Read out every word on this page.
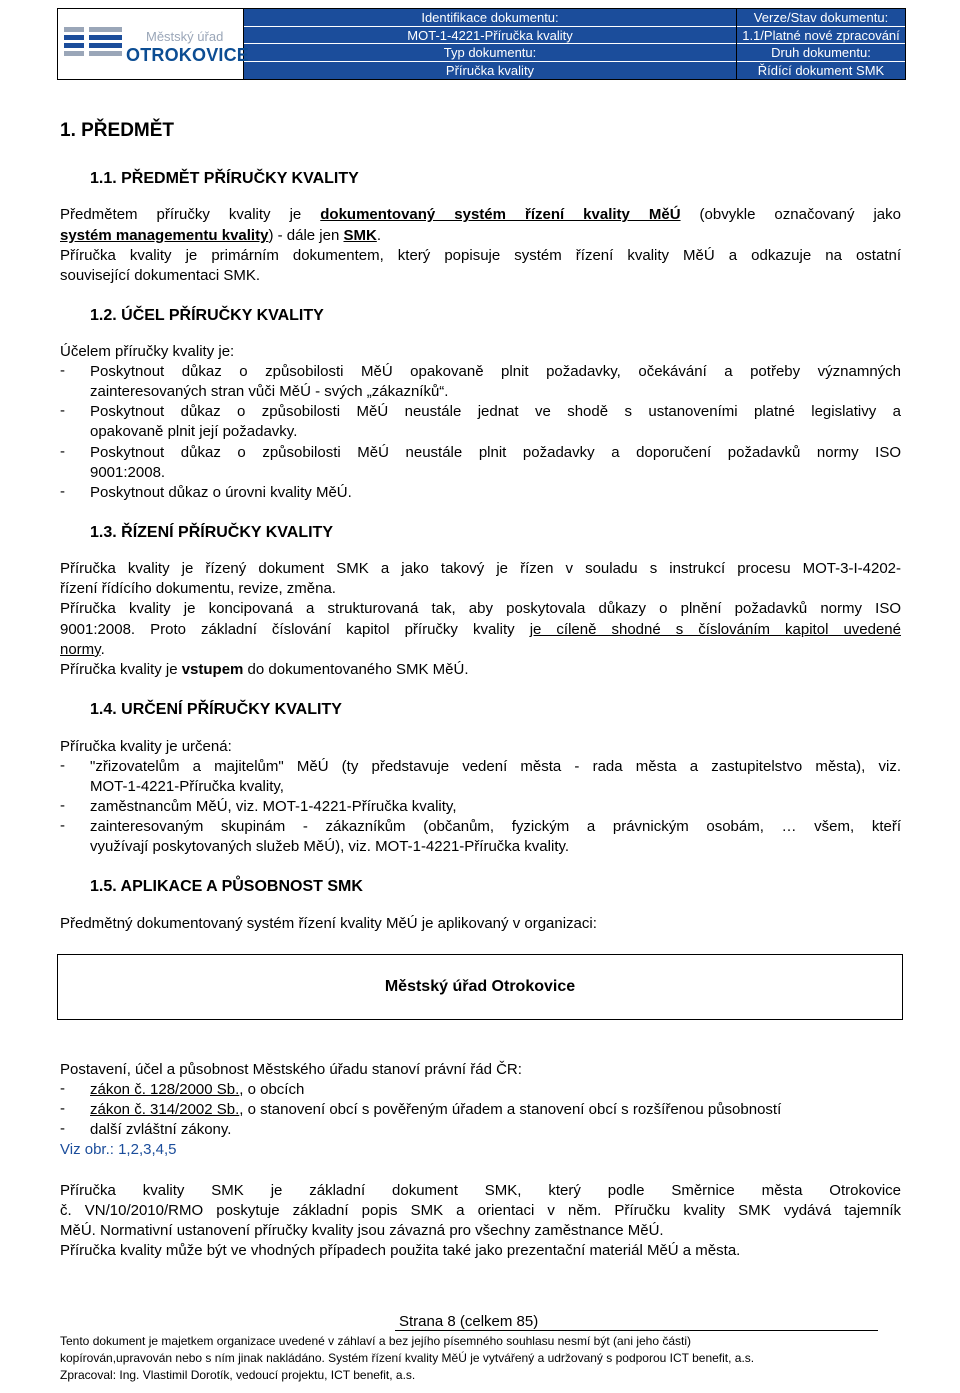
Městský úřad
OTROKOVICE
Identifikace dokumentu:
MOT-1-4221-Příručka kvality
Typ dokumentu:
Příručka kvality
Verze/Stav dokumentu:
1.1/Platné nové zpracování
Druh dokumentu:
Řídící dokument SMK
1. PŘEDMĚT
1.1. PŘEDMĚT PŘÍRUČKY KVALITY
Předmětem příručky kvality je dokumentovaný systém řízení kvality MěÚ (obvykle označovaný jako
systém managementu kvality) - dále jen SMK.
Příručka kvality je primárním dokumentem, který popisuje systém řízení kvality MěÚ a odkazuje na ostatní
související dokumentaci SMK.
1.2. ÚČEL PŘÍRUČKY KVALITY
Účelem příručky kvality je:
- Poskytnout důkaz o způsobilosti MěÚ opakovaně plnit požadavky, očekávání a potřeby významných
zainteresovaných stran vůči MěÚ - svých „zákazníků“.
- Poskytnout důkaz o způsobilosti MěÚ neustále jednat ve shodě s ustanoveními platné legislativy a
opakovaně plnit její požadavky.
- Poskytnout důkaz o způsobilosti MěÚ neustále plnit požadavky a doporučení požadavků normy ISO
9001:2008.
- Poskytnout důkaz o úrovni kvality MěÚ.
1.3. ŘÍZENÍ PŘÍRUČKY KVALITY
Příručka kvality je řízený dokument SMK a jako takový je řízen v souladu s instrukcí procesu MOT-3-I-4202-
řízení řídícího dokumentu, revize, změna.
Příručka kvality je koncipovaná a strukturovaná tak, aby poskytovala důkazy o plnění požadavků normy ISO
9001:2008. Proto základní číslování kapitol příručky kvality je cíleně shodné s číslováním kapitol uvedené
normy.
Příručka kvality je vstupem do dokumentovaného SMK MěÚ.
1.4. URČENÍ PŘÍRUČKY KVALITY
Příručka kvality je určená:
- "zřizovatelům a majitelům" MěÚ (ty představuje vedení města - rada města a zastupitelstvo města), viz.
MOT-1-4221-Příručka kvality,
- zaměstnancům MěÚ, viz. MOT-1-4221-Příručka kvality,
- zainteresovaným skupinám - zákazníkům (občanům, fyzickým a právnickým osobám, … všem, kteří
využívají poskytovaných služeb MěÚ), viz. MOT-1-4221-Příručka kvality.
1.5. APLIKACE A PŮSOBNOST SMK
Předmětný dokumentovaný systém řízení kvality MěÚ je aplikovaný v organizaci:
Městský úřad Otrokovice
Postavení, účel a působnost Městského úřadu stanoví právní řád ČR:
- zákon č. 128/2000 Sb., o obcích
- zákon č. 314/2002 Sb., o stanovení obcí s pověřeným úřadem a stanovení obcí s rozšířenou působností
- další zvláštní zákony.
Viz obr.: 1,2,3,4,5
Příručka kvality SMK je základní dokument SMK, který podle Směrnice města Otrokovice
č. VN/10/2010/RMO poskytuje základní popis SMK a orientaci v něm. Příručku kvality SMK vydává tajemník
MěÚ. Normativní ustanovení příručky kvality jsou závazná pro všechny zaměstnance MěÚ.
Příručka kvality může být ve vhodných případech použita také jako prezentační materiál MěÚ a města.
Strana 8 (celkem 85)
Tento dokument je majetkem organizace uvedené v záhlaví a bez jejího písemného souhlasu nesmí být (ani jeho části)
kopírován,upravován nebo s ním jinak nakládáno. Systém řízení kvality MěÚ je vytvářený a udržovaný s podporou ICT benefit, a.s.
Zpracoval: Ing. Vlastimil Dorotík, vedoucí projektu, ICT benefit, a.s.
